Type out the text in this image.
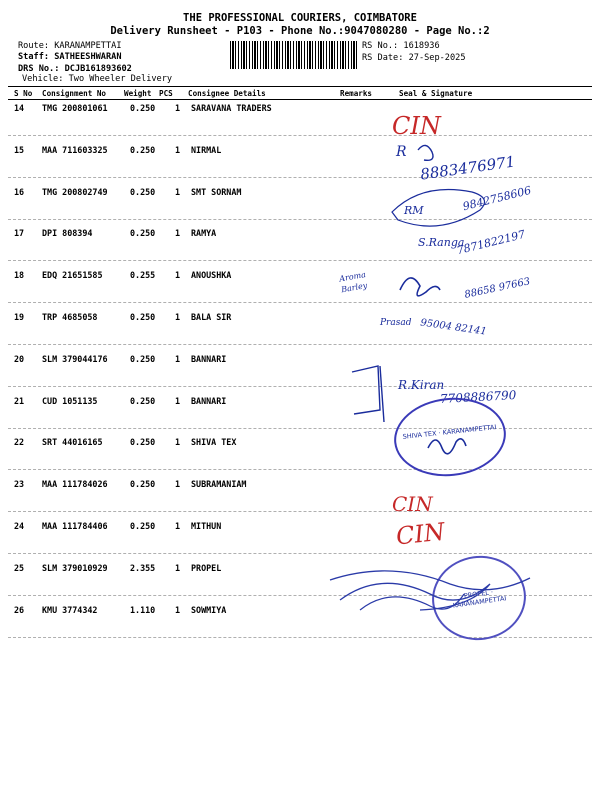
THE PROFESSIONAL COURIERS, COIMBATORE
Delivery Runsheet - P103 - Phone No.:9047080280 - Page No.:2
Route: KARANAMPETTAI
Staff: SATHEESHWARAN
DRS No.: DCJB161893602
Vehicle: Two Wheeler Delivery
RS No.: 1618936
RS Date: 27-Sep-2025
S No Consignment No Weight PCS Consignee Details	Remarks	Seal & Signature
14 TMG 200801061	0.250 1 SARAVANA TRADERS
15 MAA 711603325	0.250 1 NIRMAL
16 TMG 200802749	0.250 1 SMT SORNAM
17 DPI 808394	0.250 1 RAMYA
18 EDQ 21651585	0.255 1 ANOUSHKA
19 TRP 4685058	0.250 1 BALA SIR
20 SLM 379044176	0.250 1 BANNARI
21 CUD 1051135	0.250 1 BANNARI
22 SRT 44016165	0.250 1 SHIVA TEX
23 MAA 111784026	0.250 1 SUBRAMANIAM
24 MAA 111784406	0.250 1 MITHUN
25 SLM 379010929	2.355 1 PROPEL
26 KMU 3774342	1.110 1 SOWMIYA
CIN
R
8883476971
RM	9842758606
S.Ranga
7871822197
Aroma Barley	88658 97663
Prasad 95004 82141
R.Kiran
7708886790
SHIVA TEX · KARANAMPETTAI
CIN
CIN
PROPEL · KARANAMPETTAI
